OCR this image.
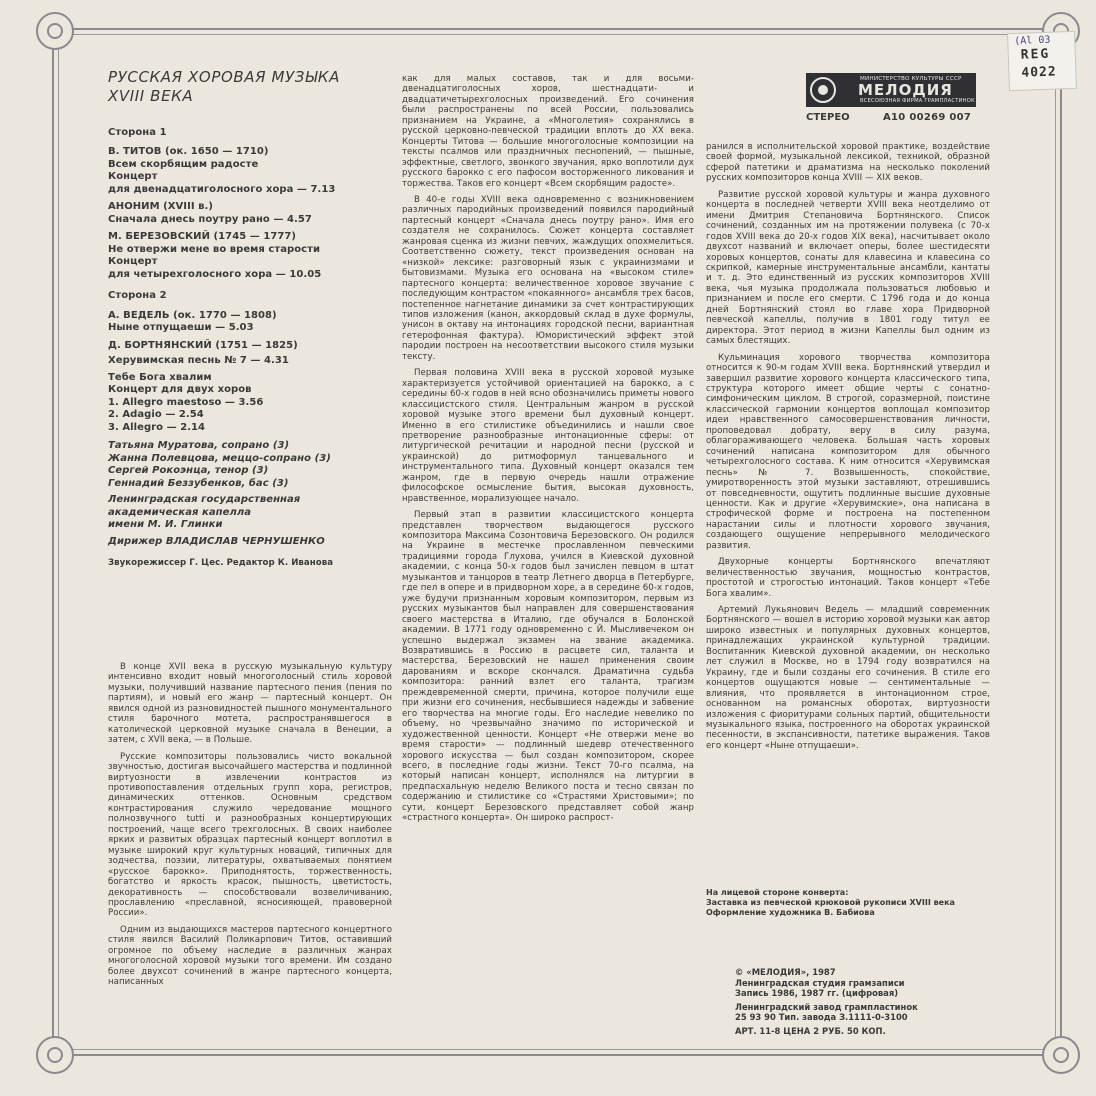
(Al 03
REG
4022
РУССКАЯ ХОРОВАЯ МУЗЫКА
XVIII ВЕКА
МИНИСТЕРСТВО КУЛЬТУРЫ СССР
МЕЛОДИЯ
ВСЕСОЮЗНАЯ ФИРМА ГРАМПЛАСТИНОК
СТЕРЕО	А10 00269 007
Сторона 1
В. ТИТОВ (ок. 1650 — 1710)
Всем скорбящим радосте
Концерт
для двенадцатиголосного хора — 7.13
АНОНИМ (XVIII в.)
Сначала днесь поутру рано — 4.57
М. БЕРЕЗОВСКИЙ (1745 — 1777)
Не отвержи мене во время старости
Концерт
для четырехголосного хора — 10.05
Сторона 2
А. ВЕДЕЛЬ (ок. 1770 — 1808)
Ныне отпущаеши — 5.03
Д. БОРТНЯНСКИЙ (1751 — 1825)
Херувимская песнь № 7 — 4.31
Тебе Бога хвалим
Концерт для двух хоров
1. Allegro maestoso — 3.56
2. Adagio — 2.54
3. Allegro — 2.14
Татьяна Муратова, сопрано (3)
Жанна Полевцова, меццо-сопрано (3)
Сергей Рокоэнца, тенор (3)
Геннадий Беззубенков, бас (3)
Ленинградская государственная
академическая капелла
имени М. И. Глинки
Дирижер ВЛАДИСЛАВ ЧЕРНУШЕНКО
Звукорежиссер Г. Цес. Редактор К. Иванова

В конце XVII века в русскую музыкальную культуру интенсивно входит новый многоголосный стиль хоровой музыки, получивший название партесного пения (пения по партиям), и новый его жанр — партесный концерт. Он явился одной из разновидностей пышного монументального стиля барочного мотета, распространявшегося в католической церковной музыке сначала в Венеции, а затем, с XVII века, — в Польше.

Русские композиторы пользовались чисто вокальной звучностью, достигая высочайшего мастерства и подлинной виртуозности в извлечении контрастов из противопоставления отдельных групп хора, регистров, динамических оттенков. Основным средством контрастирования служило чередование мощного полнозвучного tutti и разнообразных концертирующих построений, чаще всего трехголосных. В своих наиболее ярких и развитых образцах партесный концерт воплотил в музыке широкий круг культурных новаций, типичных для зодчества, поэзии, литературы, охватываемых понятием «русское барокко». Приподнятость, торжественность, богатство и яркость красок, пышность, цветистость, декоративность — способствовали возвеличиванию, прославлению «преславной, ясносияющей, правоверной России».

Одним из выдающихся мастеров партесного концертного стиля явился Василий Поликарпович Титов, оставивший огромное по объему наследие в различных жанрах многоголосной хоровой музыки того времени. Им создано более двухсот сочинений в жанре партесного концерта, написанных

как для малых составов, так и для восьми-двенадцатиголосных хоров, шестнадцати- и двадцатичетырехголосных произведений. Его сочинения были распространены по всей России, пользовались признанием на Украине, а «Многолетия» сохранялись в русской церковно-певческой традиции вплоть до XX века. Концерты Титова — большие многоголосные композиции на тексты псалмов или праздничных песнопений, — пышные, эффектные, светлого, звонкого звучания, ярко воплотили дух русского барокко с его пафосом восторженного ликования и торжества. Таков его концерт «Всем скорбящим радосте».

В 40-е годы XVIII века одновременно с возникновением различных пародийных произведений появился пародийный партесный концерт «Сначала днесь поутру рано». Имя его создателя не сохранилось. Сюжет концерта составляет жанровая сценка из жизни певчих, жаждущих опохмелиться. Соответственно сюжету, текст произведения основан на «низкой» лексике: разговорный язык с украинизмами и бытовизмами. Музыка его основана на «высоком стиле» партесного концерта: величественное хоровое звучание с последующим контрастом «покаянного» ансамбля трех басов, постепенное нагнетание динамики за счет контрастирующих типов изложения (канон, аккордовый склад в духе формулы, унисон в октаву на интонациях городской песни, вариантная гетерофонная фактура). Юмористический эффект этой пародии построен на несоответствии высокого стиля музыки тексту.

Первая половина XVIII века в русской хоровой музыке характеризуется устойчивой ориентацией на барокко, а с середины 60-х годов в ней ясно обозначились приметы нового классицистского стиля. Центральным жанром в русской хоровой музыке этого времени был духовный концерт. Именно в его стилистике объединились и нашли свое претворение разнообразные интонационные сферы: от литургической речитации и народной песни (русской и украинской) до ритмоформул танцевального и инструментального типа. Духовный концерт оказался тем жанром, где в первую очередь нашли отражение философское осмысление бытия, высокая духовность, нравственное, морализующее начало.

Первый этап в развитии классицистского концерта представлен творчеством выдающегося русского композитора Максима Созонтовича Березовского. Он родился на Украине в местечке прославленном певческими традициями города Глухова, учился в Киевской духовной академии, с конца 50-х годов был зачислен певцом в штат музыкантов и танцоров в театр Летнего дворца в Петербурге, где пел в опере и в придворном хоре, а в середине 60-х годов, уже будучи признанным хоровым композитором, первым из русских музыкантов был направлен для совершенствования своего мастерства в Италию, где обучался в Болонской академии. В 1771 году одновременно с Й. Мысливечеком он успешно выдержал экзамен на звание академика. Возвратившись в Россию в расцвете сил, таланта и мастерства, Березовский не нашел применения своим дарованиям и вскоре скончался. Драматична судьба композитора: ранний взлет его таланта, трагизм преждевременной смерти, причина, которое получили еще при жизни его сочинения, несбывшиеся надежды и забвение его творчества на многие годы. Его наследие невелико по объему, но чрезвычайно значимо по исторической и художественной ценности. Концерт «Не отвержи мене во время старости» — подлинный шедевр отечественного хорового искусства — был создан композитором, скорее всего, в последние годы жизни. Текст 70-го псалма, на который написан концерт, исполнялся на литургии в предпасхальную неделю Великого поста и тесно связан по содержанию и стилистике со «Страстями Христовыми»; по сути, концерт Березовского представляет собой жанр «страстного концерта». Он широко распрост-

ранился в исполнительской хоровой практике, воздействие своей формой, музыкальной лексикой, техникой, образной сферой патетики и драматизма на несколько поколений русских композиторов конца XVIII — XIX веков.

Развитие русской хоровой культуры и жанра духовного концерта в последней четверти XVIII века неотделимо от имени Дмитрия Степановича Бортнянского. Список сочинений, созданных им на протяжении полувека (с 70-х годов XVIII века до 20-х годов XIX века), насчитывает около двухсот названий и включает оперы, более шестидесяти хоровых концертов, сонаты для клавесина и клавесина со скрипкой, камерные инструментальные ансамбли, кантаты и т. д. Это единственный из русских композиторов XVIII века, чья музыка продолжала пользоваться любовью и признанием и после его смерти. С 1796 года и до конца дней Бортнянский стоял во главе хора Придворной певческой капеллы, получив в 1801 году титул ее директора. Этот период в жизни Капеллы был одним из самых блестящих.

Кульминация хорового творчества композитора относится к 90-м годам XVIII века. Бортнянский утвердил и завершил развитие хорового концерта классического типа, структура которого имеет общие черты с сонатно-симфоническим циклом. В строгой, соразмерной, поистине классической гармонии концертов воплощал композитор идеи нравственного самосовершенствования личности, проповедовал добрату, веру в силу разума, облагораживающего человека. Большая часть хоровых сочинений написана композитором для обычного четырехголосного состава. К ним относится «Херувимская песнь» № 7. Возвышенность, спокойствие, умиротворенность этой музыки заставляют, отрешившись от повседневности, ощутить подлинные высшие духовные ценности. Как и другие «Херувимские», она написана в строфической форме и построена на постепенном нарастании силы и плотности хорового звучания, создающего ощущение непрерывного мелодического развития.

Двухорные концерты Бортнянского впечатляют величественностью звучания, мощностью контрастов, простотой и строгостью интонаций. Таков концерт «Тебе Бога хвалим».

Артемий Лукьянович Ведель — младший современник Бортнянского — вошел в историю хоровой музыки как автор широко известных и популярных духовных концертов, принадлежащих украинской культурной традиции. Воспитанник Киевской духовной академии, он несколько лет служил в Москве, но в 1794 году возвратился на Украину, где и были созданы его сочинения. В стиле его концертов ощущаются новые — сентиментальные — влияния, что проявляется в интонационном строе, основанном на романсных оборотах, виртуозности изложения с фиоритурами сольных партий, общительности музыкального языка, построенного на оборотах украинской песенности, в экспансивности, патетике выражения. Таков его концерт «Ныне отпущаеши».

На лицевой стороне конверта:
Заставка из певческой крюковой рукописи XVIII века
Оформление художника В. Бабиова
© «МЕЛОДИЯ», 1987
Ленинградская студия грамзаписи
Запись 1986, 1987 гг. (цифровая)
Ленинградский завод грампластинок
25 93 90 Тип. завода З.1111-0-3100
АРТ. 11-8 ЦЕНА 2 РУБ. 50 КОП.
